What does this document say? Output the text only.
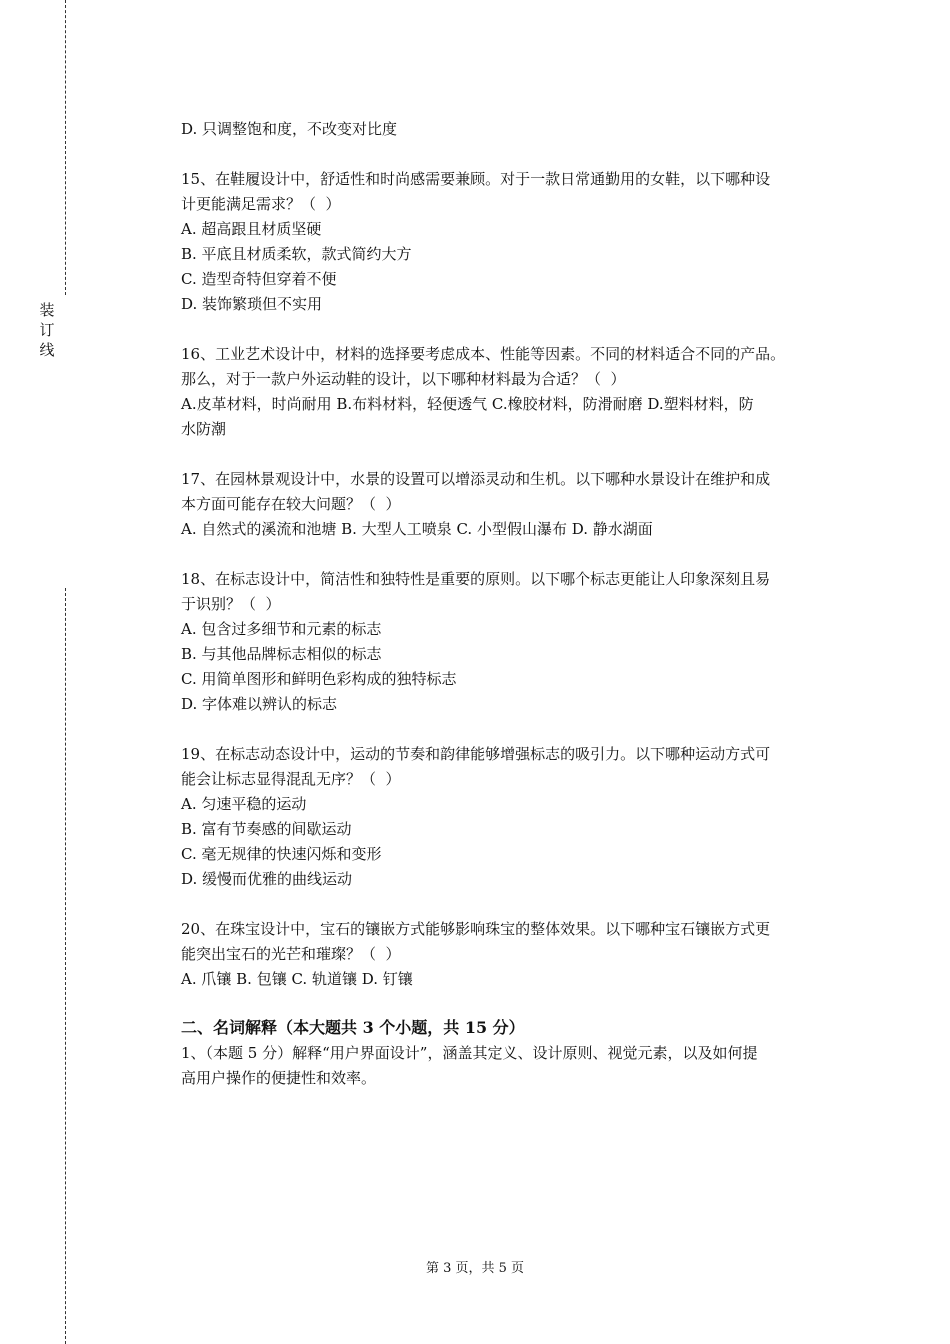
装订线
D. 只调整饱和度，不改变对比度
15、在鞋履设计中，舒适性和时尚感需要兼顾。对于一款日常通勤用的女鞋，以下哪种设
计更能满足需求？（  ）
A. 超高跟且材质坚硬
B. 平底且材质柔软，款式简约大方
C. 造型奇特但穿着不便
D. 装饰繁琐但不实用
16、工业艺术设计中，材料的选择要考虑成本、性能等因素。不同的材料适合不同的产品。
那么，对于一款户外运动鞋的设计，以下哪种材料最为合适？（  ）
A.皮革材料，时尚耐用 B.布料材料，轻便透气 C.橡胶材料，防滑耐磨 D.塑料材料，防
水防潮
17、在园林景观设计中，水景的设置可以增添灵动和生机。以下哪种水景设计在维护和成
本方面可能存在较大问题？（  ）
A. 自然式的溪流和池塘 B. 大型人工喷泉 C. 小型假山瀑布 D. 静水湖面
18、在标志设计中，简洁性和独特性是重要的原则。以下哪个标志更能让人印象深刻且易
于识别？（  ）
A. 包含过多细节和元素的标志
B. 与其他品牌标志相似的标志
C. 用简单图形和鲜明色彩构成的独特标志
D. 字体难以辨认的标志
19、在标志动态设计中，运动的节奏和韵律能够增强标志的吸引力。以下哪种运动方式可
能会让标志显得混乱无序？（  ）
A. 匀速平稳的运动
B. 富有节奏感的间歇运动
C. 毫无规律的快速闪烁和变形
D. 缓慢而优雅的曲线运动
20、在珠宝设计中，宝石的镶嵌方式能够影响珠宝的整体效果。以下哪种宝石镶嵌方式更
能突出宝石的光芒和璀璨？（  ）
A. 爪镶 B. 包镶 C. 轨道镶 D. 钉镶
二、名词解释（本大题共 3 个小题，共 15 分）
1、（本题 5 分）解释“用户界面设计”，涵盖其定义、设计原则、视觉元素，以及如何提
高用户操作的便捷性和效率。
第 3 页，共 5 页
